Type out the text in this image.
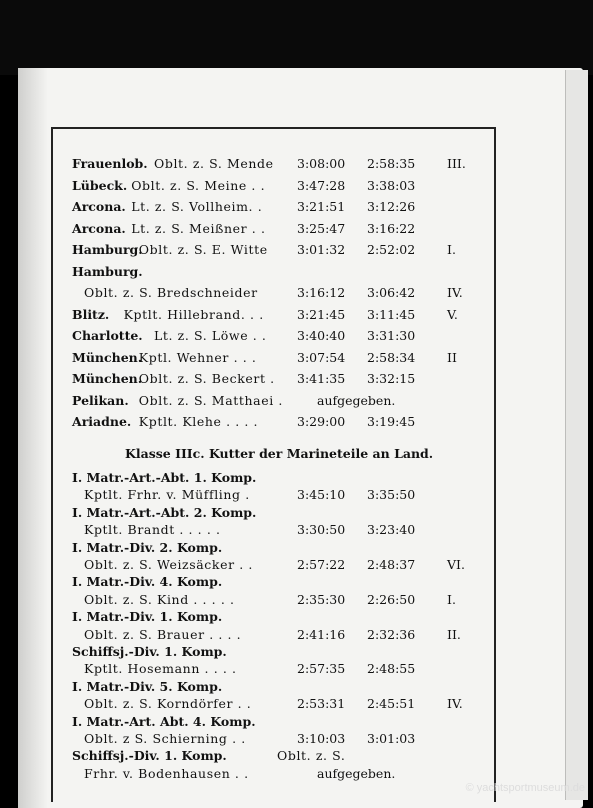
Frauenlob. Oblt. z. S. Mende 3:08:00 2:58:35	III.
Lübeck. Oblt. z. S. Meine . .	3:47:28 3:38:03
Arcona. Lt. z. S. Vollheim. .	3:21:51 3:12:26
Arcona. Lt. z. S. Meißner . .	3:25:47 3:16:22
Hamburg.
Oblt. z. S. E. Witte 3:01:32 2:52:02	I.
Hamburg.
Oblt. z. S. Bredschneider	3:16:12 3:06:42	IV.
Blitz. Kptlt. Hillebrand. . .	3:21:45 3:11:45	V.
Charlotte. Lt. z. S. Löwe . . 3:40:40 3:31:30
München.
Kptl. Wehner . . .	3:07:54 2:58:34	II
München.
Oblt. z. S. Beckert . 3:41:35 3:32:15
Pelikan. Oblt. z. S. Matthaei .	aufgegeben.
Ariadne. Kptlt. Klehe . . . .	3:29:00 3:19:45
I. Matr.-Art.-Abt. 1. Komp.
Kptlt. Frhr. v. Müffling .	3:45:10 3:35:50
I. Matr.-Art.-Abt. 2. Komp.
Kptlt. Brandt . . . . .	3:30:50 3:23:40
I. Matr.-Div. 2. Komp.
Oblt. z. S. Weizsäcker . .	2:57:22 2:48:37	VI.
I. Matr.-Div. 4. Komp.
Oblt. z. S. Kind . . . . .	2:35:30 2:26:50	I.
I. Matr.-Div. 1. Komp.
Oblt. z. S. Brauer . . . .	2:41:16 2:32:36	II.
Schiffsj.-Div. 1. Komp.
Kptlt. Hosemann . . . .	2:57:35 2:48:55
I. Matr.-Div. 5. Komp.
Oblt. z. S. Korndörfer . .	2:53:31 2:45:51	IV.
I. Matr.-Art. Abt. 4. Komp.
Oblt. z S. Schierning . .	3:10:03 3:01:03
Schiffsj.-Div. 1. Komp.	Oblt. z. S.
Frhr. v. Bodenhausen . .	aufgegeben.
Klasse IIIc. Kutter der Marineteile an Land.
© yachtsportmuseum.de
